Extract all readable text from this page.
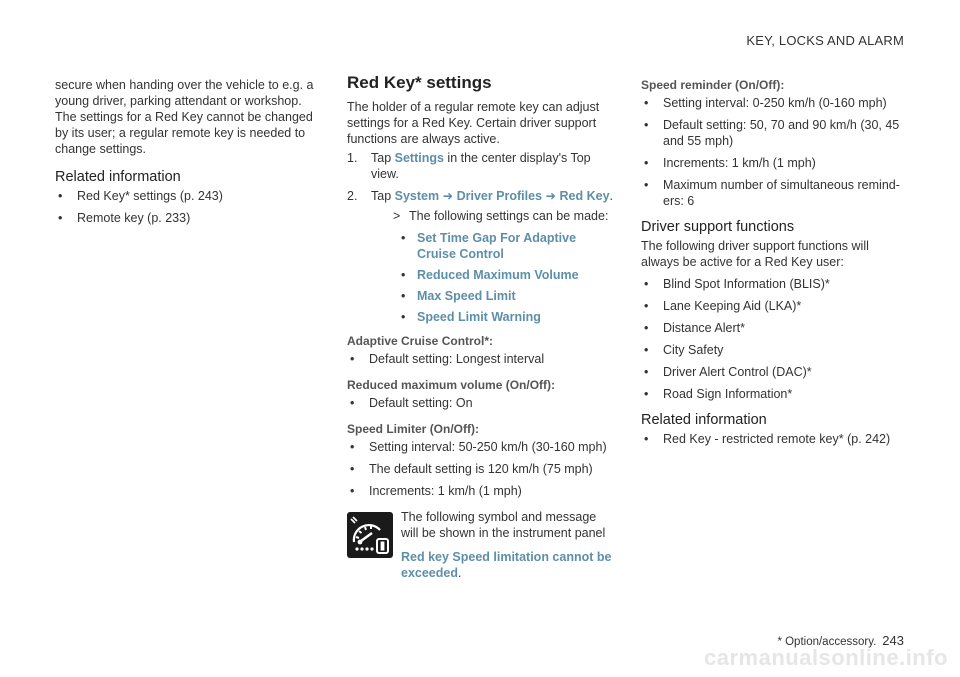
KEY, LOCKS AND ALARM

secure when handing over the vehicle to e.g. a young driver, parking attendant or workshop. The settings for a Red Key cannot be changed by its user; a regular remote key is needed to change settings.

Related information
• Red Key* settings (p. 243)
• Remote key (p. 233)
Red Key* settings

The holder of a regular remote key can adjust settings for a Red Key. Certain driver support functions are always active.

1. Tap Settings in the center display's Top view.
2. Tap System ➜ Driver Profiles ➜ Red Key.
> The following settings can be made:
• Set Time Gap For Adaptive Cruise Control
• Reduced Maximum Volume
• Max Speed Limit
• Speed Limit Warning
Adaptive Cruise Control*:
• Default setting: Longest interval
Reduced maximum volume (On/Off):
• Default setting: On
Speed Limiter (On/Off):
• Setting interval: 50-250 km/h (30-160 mph)
• The default setting is 120 km/h (75 mph)
• Increments: 1 km/h (1 mph)

The following symbol and message will be shown in the instrument panel

Red key Speed limitation cannot be exceeded.
Speed reminder (On/Off):
• Setting interval: 0-250 km/h (0-160 mph)
• Default setting: 50, 70 and 90 km/h (30, 45 and 55 mph)
• Increments: 1 km/h (1 mph)
• Maximum number of simultaneous remind-ers: 6
Driver support functions

The following driver support functions will always be active for a Red Key user:

• Blind Spot Information (BLIS)*
• Lane Keeping Aid (LKA)*
• Distance Alert*
• City Safety
• Driver Alert Control (DAC)*
• Road Sign Information*
Related information
• Red Key - restricted remote key* (p. 242)
* Option/accessory. 243
carmanualsonline.info
